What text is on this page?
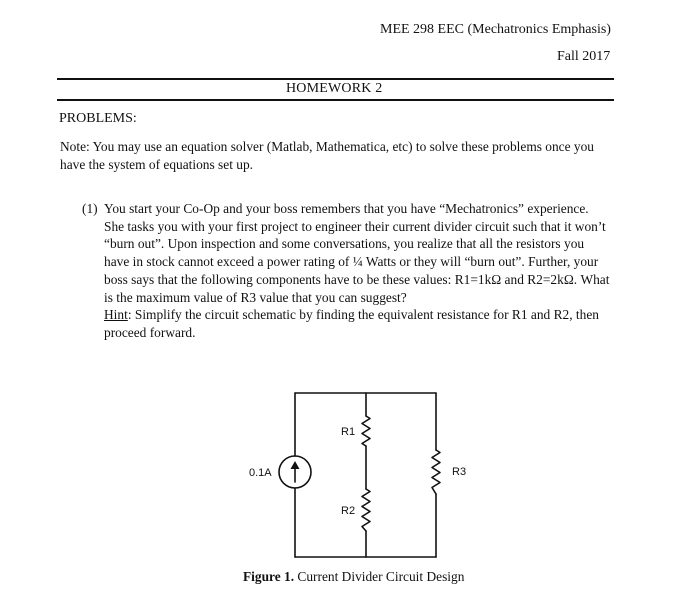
MEE 298 EEC (Mechatronics Emphasis)
Fall 2017
HOMEWORK 2
PROBLEMS:
Note: You may use an equation solver (Matlab, Mathematica, etc) to solve these problems once you have the system of equations set up.
(1) You start your Co-Op and your boss remembers that you have “Mechatronics” experience. She tasks you with your first project to engineer their current divider circuit such that it won’t “burn out”. Upon inspection and some conversations, you realize that all the resistors you have in stock cannot exceed a power rating of ¼ Watts or they will “burn out”. Further, your boss says that the following components have to be these values: R1=1kΩ and R2=2kΩ. What is the maximum value of R3 value that you can suggest?
Hint: Simplify the circuit schematic by finding the equivalent resistance for R1 and R2, then proceed forward.
0.1A
R1
R2
R3
Figure 1. Current Divider Circuit Design
